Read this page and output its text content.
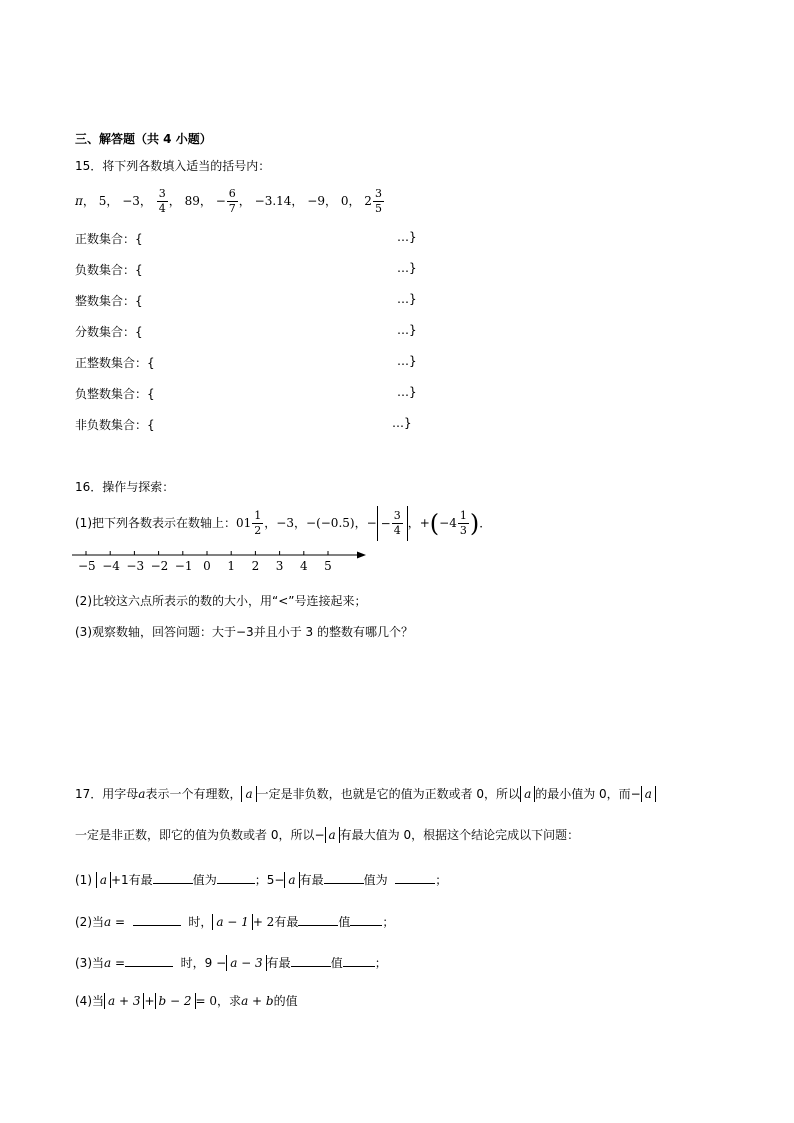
三、解答题（共 4 小题）
15．将下列各数填入适当的括号内：
π， 5， −3， $\frac{3}{4}$ ， 89， − $\frac{6}{7}$ ， −3.14， −9， 0， $2 \frac{3}{5}$
正数集合：{	…}
负数集合：{	…}
整数集合：{	…}
分数集合：{	…}
正整数集合：{	…}
负整数集合：{	…}
非负数集合：{	…}
16．操作与探索：
(1)把下列各数表示在数轴上：$01 \frac{1}{2}$ ，−3，−(−0.5)，− − $\frac{3}{4}$ ，$+(-4 \frac{1}{3}$ )．
−5 −4 −3 −2 −1 0	1	2	3	4	5
(2)比较这六点所表示的数的大小，用“<”号连接起来；
(3)观察数轴，回答问题：大于−3并且小于 3 的整数有哪几个？
17．用字母a表示一个有理数， a 一定是非负数，也就是它的值为正数或者 0，所以 a 的最小值为 0，而− a
一定是非正数，即它的值为负数或者 0，所以− a 有最大值为 0，根据这个结论完成以下问题：
(1) a +1有最	值为	；5− a 有最	值为	；
(2)当a =	时， a − 1 + 2有最	值	；
(3)当a =	时，9 − a − 3 有最	值	；
(4)当 a + 3 + b − 2 = 0，求a + b的值
